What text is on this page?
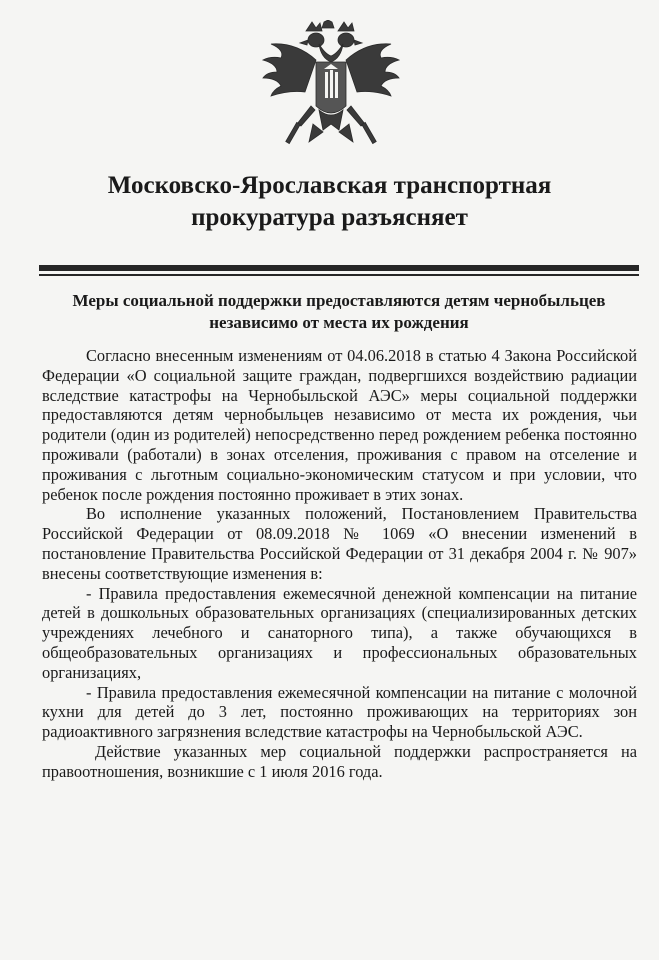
Московско-Ярославская транспортная
прокуратура разъясняет
Меры социальной поддержки предоставляются детям чернобыльцев
независимо от места их рождения

Согласно внесенным изменениям от 04.06.2018 в статью 4 Закона Российской Федерации «О социальной защите граждан, подвергшихся воздействию радиации вследствие катастрофы на Чернобыльской АЭС» меры социальной поддержки предоставляются детям чернобыльцев независимо от места их рождения, чьи родители (один из родителей) непосредственно перед рождением ребенка постоянно проживали (работали) в зонах отселения, проживания с правом на отселение и проживания с льготным социально-экономическим статусом и при условии, что ребенок после рождения постоянно проживает в этих зонах.

Во исполнение указанных положений, Постановлением Правительства Российской Федерации от 08.09.2018 № 1069 «О внесении изменений в постановление Правительства Российской Федерации от 31 декабря 2004 г. № 907» внесены соответствующие изменения в:

- Правила предоставления ежемесячной денежной компенсации на питание детей в дошкольных образовательных организациях (специализированных детских учреждениях лечебного и санаторного типа), а также обучающихся в общеобразовательных организациях и профессиональных образовательных организациях,

- Правила предоставления ежемесячной компенсации на питание с молочной кухни для детей до 3 лет, постоянно проживающих на территориях зон радиоактивного загрязнения вследствие катастрофы на Чернобыльской АЭС.

Действие указанных мер социальной поддержки распространяется на правоотношения, возникшие с 1 июля 2016 года.
